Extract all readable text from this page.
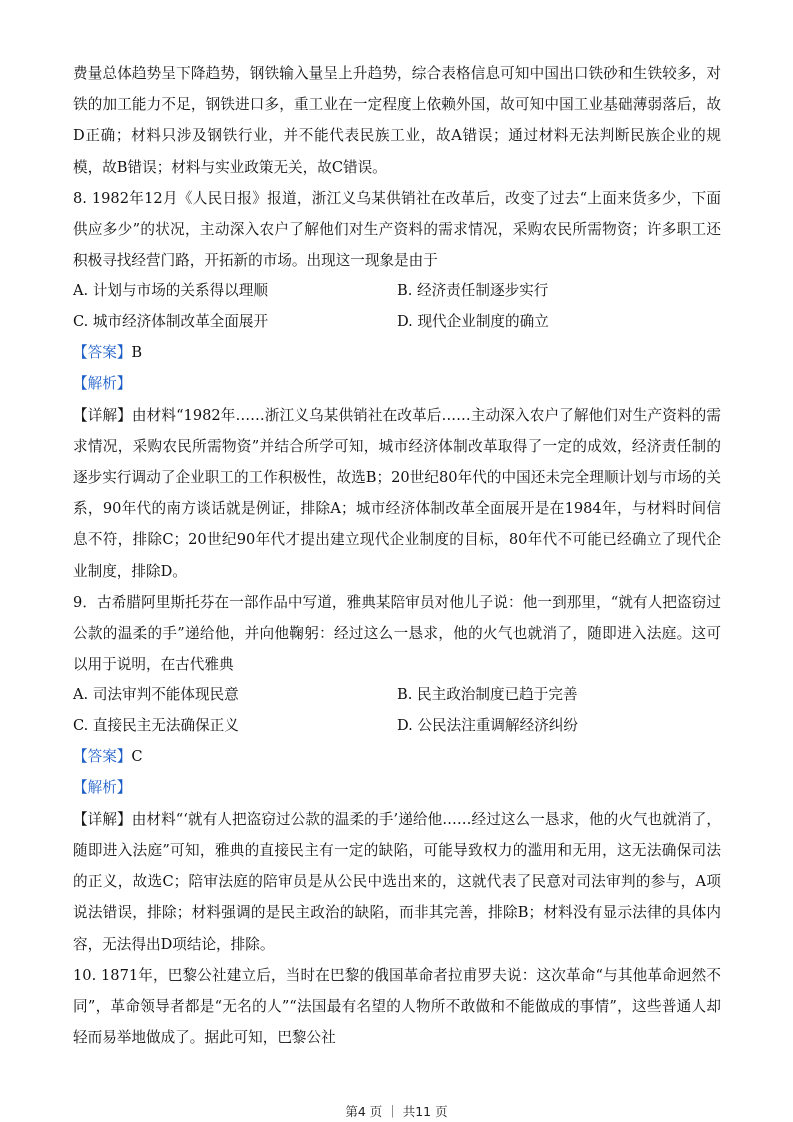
费量总体趋势呈下降趋势，钢铁输入量呈上升趋势，综合表格信息可知中国出口铁砂和生铁较多，对铁的加工能力不足，钢铁进口多，重工业在一定程度上依赖外国，故可知中国工业基础薄弱落后，故D正确；材料只涉及钢铁行业，并不能代表民族工业，故A错误；通过材料无法判断民族企业的规模，故B错误；材料与实业政策无关，故C错误。

8. 1982年12月《人民日报》报道，浙江义乌某供销社在改革后，改变了过去“上面来货多少，下面供应多少”的状况，主动深入农户了解他们对生产资料的需求情况，采购农民所需物资；许多职工还积极寻找经营门路，开拓新的市场。出现这一现象是由于

A. 计划与市场的关系得以理顺	B. 经济责任制逐步实行
C. 城市经济体制改革全面展开	D. 现代企业制度的确立

【答案】B

【解析】

【详解】由材料“1982年……浙江义乌某供销社在改革后……主动深入农户了解他们对生产资料的需求情况，采购农民所需物资”并结合所学可知，城市经济体制改革取得了一定的成效，经济责任制的逐步实行调动了企业职工的工作积极性，故选B；20世纪80年代的中国还未完全理顺计划与市场的关系，90年代的南方谈话就是例证，排除A；城市经济体制改革全面展开是在1984年，与材料时间信息不符，排除C；20世纪90年代才提出建立现代企业制度的目标，80年代不可能已经确立了现代企业制度，排除D。

9．古希腊阿里斯托芬在一部作品中写道，雅典某陪审员对他儿子说：他一到那里，“就有人把盗窃过公款的温柔的手”递给他，并向他鞠躬：经过这么一恳求，他的火气也就消了，随即进入法庭。这可以用于说明，在古代雅典

A. 司法审判不能体现民意	B. 民主政治制度已趋于完善
C. 直接民主无法确保正义	D. 公民法注重调解经济纠纷

【答案】C

【解析】

【详解】由材料“‘就有人把盗窃过公款的温柔的手’递给他……经过这么一恳求，他的火气也就消了，随即进入法庭”可知，雅典的直接民主有一定的缺陷，可能导致权力的滥用和无用，这无法确保司法的正义，故选C；陪审法庭的陪审员是从公民中选出来的，这就代表了民意对司法审判的参与，A项说法错误，排除；材料强调的是民主政治的缺陷，而非其完善，排除B；材料没有显示法律的具体内容，无法得出D项结论，排除。

10. 1871年，巴黎公社建立后，当时在巴黎的俄国革命者拉甫罗夫说：这次革命“与其他革命迥然不同”，革命领导者都是“无名的人”“法国最有名望的人物所不敢做和不能做成的事情”，这些普通人却轻而易举地做成了。据此可知，巴黎公社

第4 页 ｜ 共11 页
